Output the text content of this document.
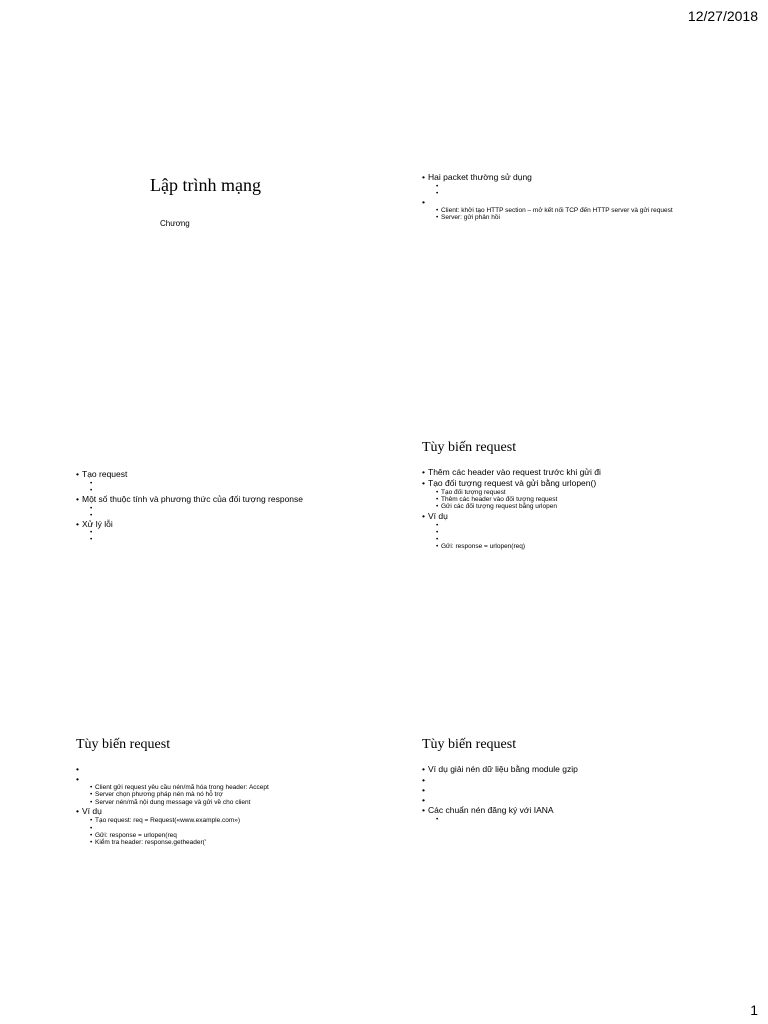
12/27/2018
Lập trình mạng
Chương
• Hai packet thường sử dụng
•
•
• • Client: khởi tạo HTTP section – mở kết nối TCP đến HTTP server và gửi request
• Server: gửi phản hồi
• Tạo request
•
•
• Một số thuộc tính và phương thức của đối tượng response
•
•
• Xử lý lỗi
•
•
Tùy biến request
• Thêm các header vào request trước khi gửi đi
• Tạo đối tượng request và gửi bằng urlopen()
• Tạo đối tượng request
• Thêm các header vào đối tượng request
• Gửi các đối tượng request bằng urlopen
• Ví dụ
•
•
•
• Gửi: response = urlopen(req)
Tùy biến request
•
• • Client gửi request yêu cầu nén/mã hóa trong header: Accept
• Server chọn phương pháp nén mà nó hỗ trợ
• Server nén/mã nội dung message và gửi về cho client
• Ví dụ
• Tạo request: req = Request(«www.example.com»)
•
• Gửi: response = urlopen(req
• Kiểm tra header: response.getheader('
Tùy biến request
• Ví dụ giải nén dữ liệu bằng module gzip
•
•
•
• Các chuẩn nén đăng ký với IANA
•
1
